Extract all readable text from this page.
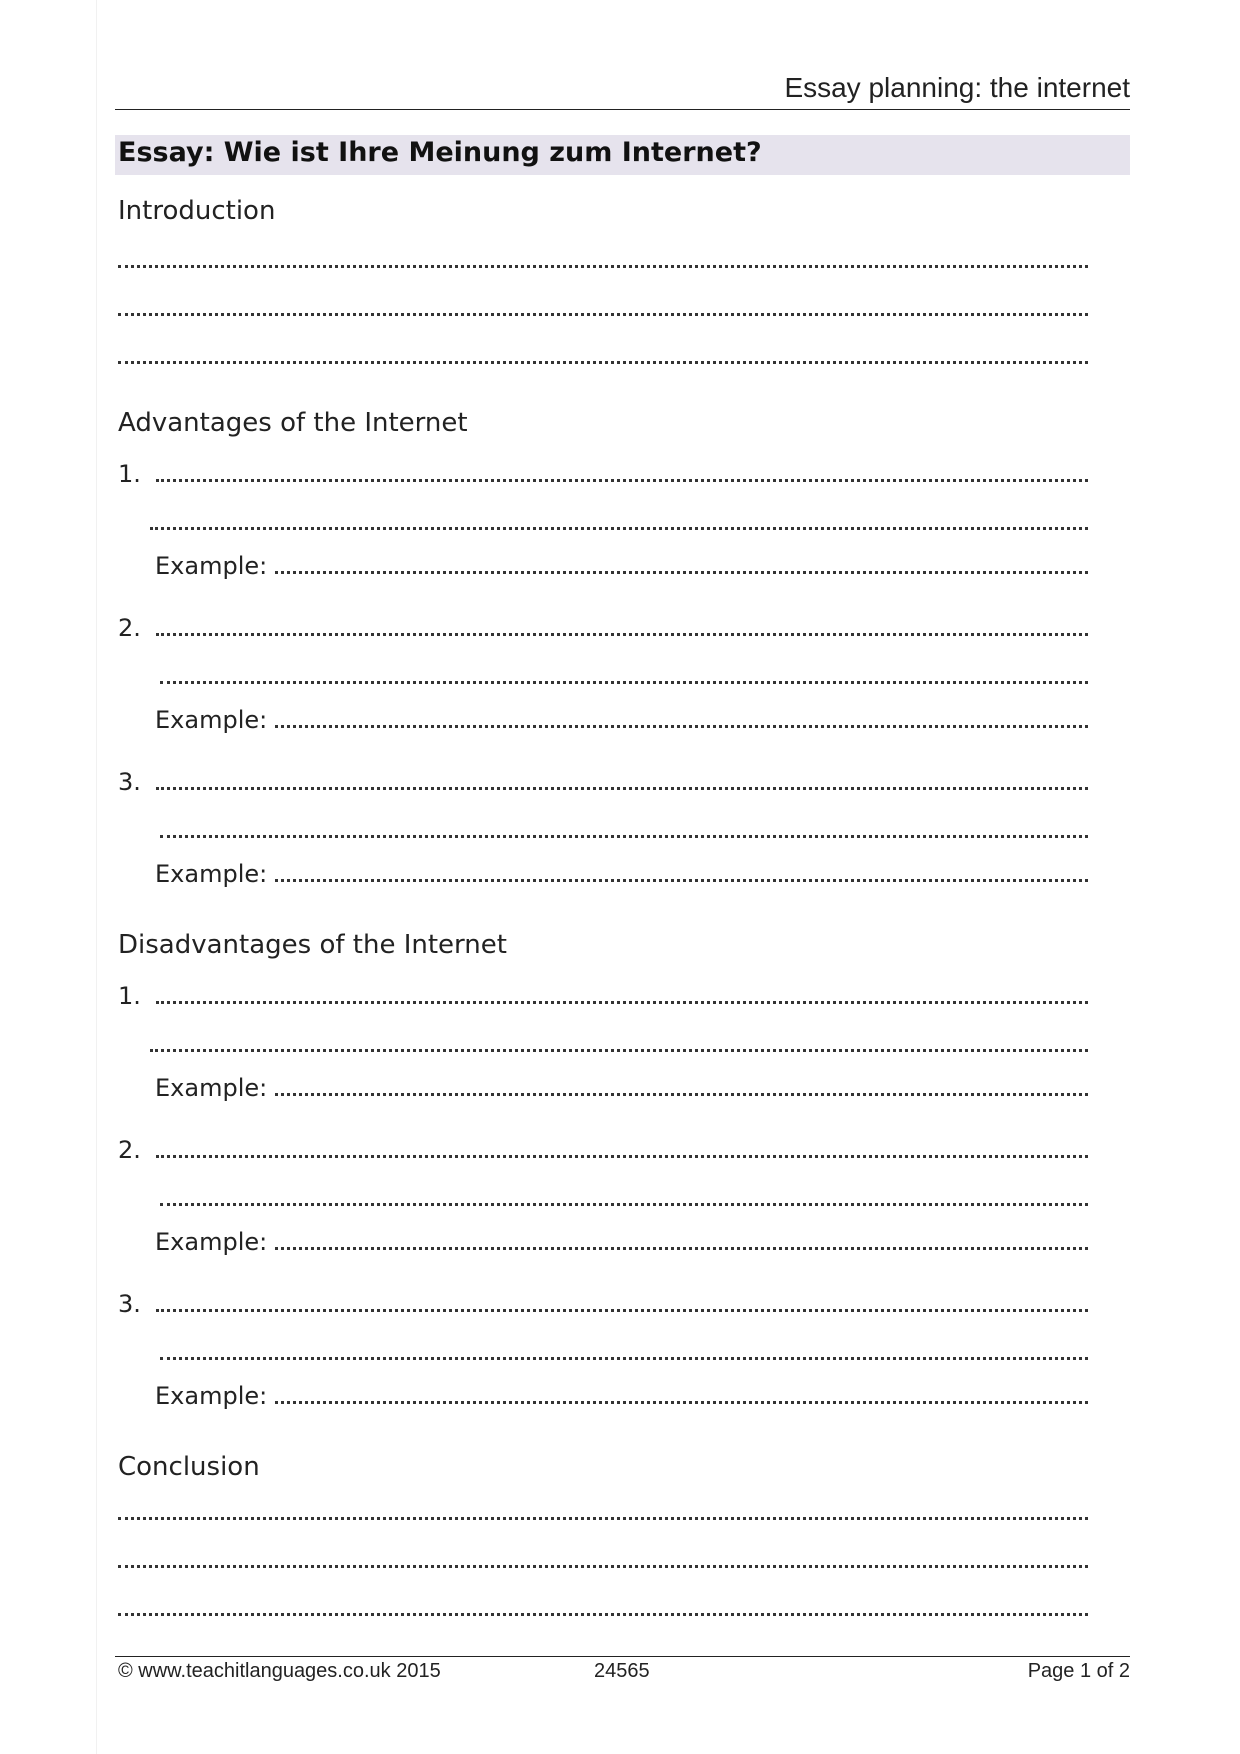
Essay planning: the internet
Essay: Wie ist Ihre Meinung zum Internet?
Introduction
Advantages of the Internet
1.
Example:
2.
Example:
3.
Example:
Disadvantages of the Internet
1.
Example:
2.
Example:
3.
Example:
Conclusion
© www.teachitlanguages.co.uk 2015	24565	Page 1 of 2
